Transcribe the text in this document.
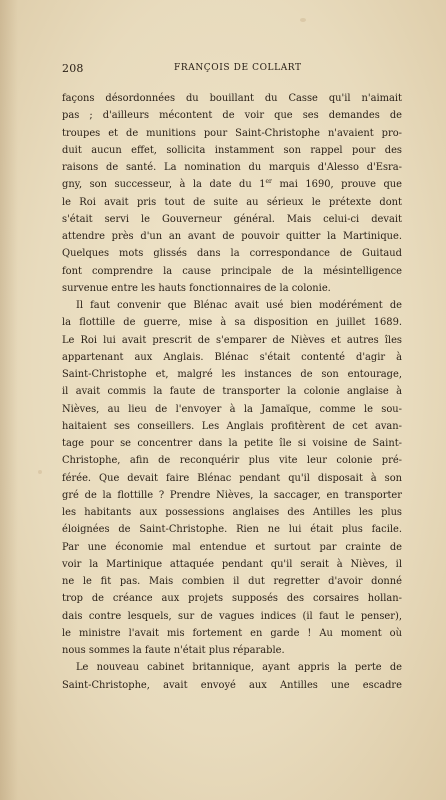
208	FRANÇOIS DE COLLART
façons désordonnées du bouillant du Casse qu'il n'aimait
pas ; d'ailleurs mécontent de voir que ses demandes de
troupes et de munitions pour Saint-Christophe n'avaient pro-
duit aucun effet, sollicita instamment son rappel pour des
raisons de santé. La nomination du marquis d'Alesso d'Esra-
gny, son successeur, à la date du 1er mai 1690, prouve que
le Roi avait pris tout de suite au sérieux le prétexte dont
s'était servi le Gouverneur général. Mais celui-ci devait
attendre près d'un an avant de pouvoir quitter la Martinique.
Quelques mots glissés dans la correspondance de Guitaud
font comprendre la cause principale de la mésintelligence
survenue entre les hauts fonctionnaires de la colonie.
Il faut convenir que Blénac avait usé bien modérément de
la flottille de guerre, mise à sa disposition en juillet 1689.
Le Roi lui avait prescrit de s'emparer de Nièves et autres îles
appartenant aux Anglais. Blénac s'était contenté d'agir à
Saint-Christophe et, malgré les instances de son entourage,
il avait commis la faute de transporter la colonie anglaise à
Nièves, au lieu de l'envoyer à la Jamaïque, comme le sou-
haitaient ses conseillers. Les Anglais profitèrent de cet avan-
tage pour se concentrer dans la petite île si voisine de Saint-
Christophe, afin de reconquérir plus vite leur colonie pré-
férée. Que devait faire Blénac pendant qu'il disposait à son
gré de la flottille ? Prendre Nièves, la saccager, en transporter
les habitants aux possessions anglaises des Antilles les plus
éloignées de Saint-Christophe. Rien ne lui était plus facile.
Par une économie mal entendue et surtout par crainte de
voir la Martinique attaquée pendant qu'il serait à Nièves, il
ne le fit pas. Mais combien il dut regretter d'avoir donné
trop de créance aux projets supposés des corsaires hollan-
dais contre lesquels, sur de vagues indices (il faut le penser),
le ministre l'avait mis fortement en garde ! Au moment où
nous sommes la faute n'était plus réparable.
Le nouveau cabinet britannique, ayant appris la perte de
Saint-Christophe, avait envoyé aux Antilles une escadre
